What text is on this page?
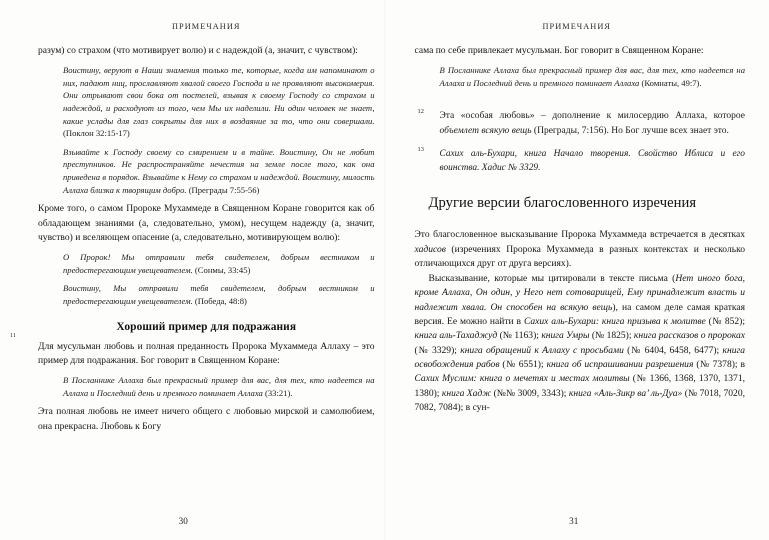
ПРИМЕЧАНИЯ

разум) со страхом (что мотивирует волю) и с надеждой (а, значит, с чувством):

Воистину, веруют в Наши знамения только те, которые, когда им напоминают о них, падают ниц, прославляют хвалой своего Господа и не проявляют высокомерия. Они отрывают свои бока от постелей, взывая к своему Господу со страхом и надеждой, и расходуют из того, чем Мы их наделили. Ни один человек не знает, какие услады для глаз сокрыты для них в воздаяние за то, что они совершали. (Поклон 32:15-17)
Взывайте к Господу своему со смирением и в тайне. Воистину, Он не любит преступников. Не распространяйте нечестия на земле после того, как она приведена в порядок. Взывайте к Нему со страхом и надеждой. Воистину, милость Аллаха близка к творящим добро. (Преграды 7:55-56)

Кроме того, о самом Пророке Мухаммеде в Священном Коране говорится как об обладающем знаниями (а, следовательно, умом), несущем надежду (а, значит, чувство) и вселяющем опасение (а, следовательно, мотивирующем волю):

О Пророк! Мы отправили тебя свидетелем, добрым вестником и предостерегающим увещевателем. (Сонмы, 33:45)
Воистину, Мы отправили тебя свидетелем, добрым вестником и предостерегающим увещевателем. (Победа, 48:8)
11
Хороший пример для подражания

Для мусульман любовь и полная преданность Пророка Мухаммеда Аллаху – это пример для подражания. Бог говорит в Священном Коране:

В Посланнике Аллаха был прекрасный пример для вас, для тех, кто надеется на Аллаха и Последний день и премного поминает Аллаха (33:21).

Эта полная любовь не имеет ничего общего с любовью мирской и самолюбием, она прекрасна. Любовь к Богу

30
ПРИМЕЧАНИЯ

сама по себе привлекает мусульман. Бог говорит в Священном Коране:

В Посланнике Аллаха был прекрасный пример для вас, для тех, кто надеется на Аллаха и Последний день и премного поминает Аллаха (Комнаты, 49:7).
12 Эта «особая любовь» – дополнение к милосердию Аллаха, которое объемлет всякую вещь (Преграды, 7:156). Но Бог лучше всех знает это.
13 Сахих аль-Бухари, книга Начало творения. Свойство Иблиса и его воинства. Хадис № 3329.
Другие версии благословенного изречения

Это благословенное высказывание Пророка Мухаммеда встречается в десятках хадисов (изречениях Пророка Мухаммеда в разных контекстах и несколько отличающихся друг от друга версиях).

Высказывание, которые мы цитировали в тексте письма (Нет иного бога, кроме Аллаха, Он один, у Него нет сотоварищей, Ему принадлежит власть и надлежит хвала. Он способен на всякую вещь), на самом деле самая краткая версия. Ее можно найти в Сахих аль-Бухари: книга призыва к молитве (№ 852); книга аль-Тахаджуд (№ 1163); книга Умры (№ 1825); книга рассказов о пророках (№ 3329); книга обращений к Аллаху с просьбами (№ 6404, 6458, 6477); книга освобождения рабов (№ 6551); книга об испрашивании разрешения (№ 7378); в Сахих Муслим: книга о мечетях и местах молитвы (№ 1366, 1368, 1370, 1371, 1380); книга Хадж (№№ 3009, 3343); книга «Аль-Зикр ва’ ль-Дуа» (№ 7018, 7020, 7082, 7084); в сун-

31
